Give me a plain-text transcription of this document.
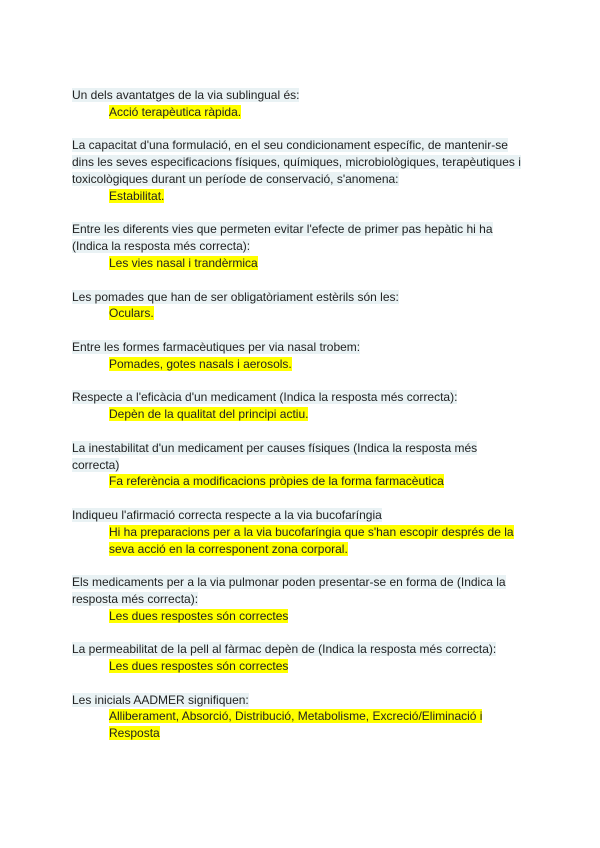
Un dels avantatges de la via sublingual és:
Acció terapèutica ràpida.
La capacitat d'una formulació, en el seu condicionament específic, de mantenir-se
dins les seves especificacions físiques, químiques, microbiològiques, terapèutiques i
toxicològiques durant un període de conservació, s'anomena:
Estabilitat.
Entre les diferents vies que permeten evitar l'efecte de primer pas hepàtic hi ha
(Indica la resposta més correcta):
Les vies nasal i trandèrmica
Les pomades que han de ser obligatòriament estèrils són les:
Oculars.
Entre les formes farmacèutiques per via nasal trobem:
Pomades, gotes nasals i aerosols.
Respecte a l'eficàcia d'un medicament (Indica la resposta més correcta):
Depèn de la qualitat del principi actiu.
La inestabilitat d'un medicament per causes físiques (Indica la resposta més
correcta)
Fa referència a modificacions pròpies de la forma farmacèutica
Indiqueu l'afirmació correcta respecte a la via bucofaríngia
Hi ha preparacions per a la via bucofaríngia que s'han escopir després de la
seva acció en la corresponent zona corporal.
Els medicaments per a la via pulmonar poden presentar-se en forma de (Indica la
resposta més correcta):
Les dues respostes són correctes
La permeabilitat de la pell al fàrmac depèn de (Indica la resposta més correcta):
Les dues respostes són correctes
Les inicials AADMER signifiquen:
Alliberament, Absorció, Distribució, Metabolisme, Excreció/Eliminació i
Resposta
